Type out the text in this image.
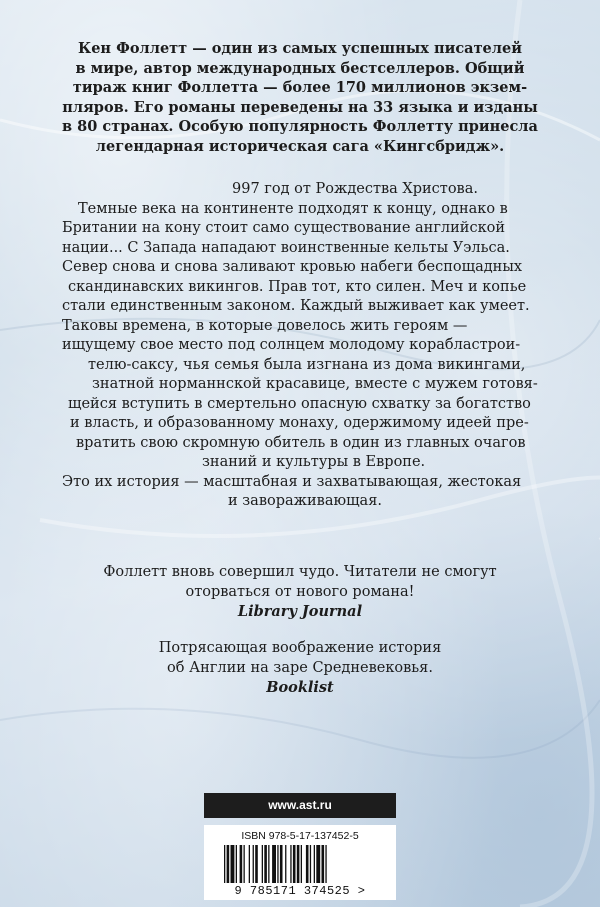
Кен Фоллетт — один из самых успешных писателей
в мире, автор международных бестселлеров. Общий
тираж книг Фоллетта — более 170 миллионов экзем-
пляров. Его романы переведены на 33 языка и изданы
в 80 странах. Особую популярность Фоллетту принесла
легендарная историческая сага «Кингсбридж».
997 год от Рождества Христова.
Темные века на континенте подходят к концу, однако в
Британии на кону стоит само существование английской
нации... С Запада нападают воинственные кельты Уэльса.
Север снова и снова заливают кровью набеги беспощадных
скандинавских викингов. Прав тот, кто силен. Меч и копье
стали единственным законом. Каждый выживает как умеет.
Таковы времена, в которые довелось жить героям —
ищущему свое место под солнцем молодому корабластрои-
телю-саксу, чья семья была изгнана из дома викингами,
знатной норманнской красавице, вместе с мужем готовя-
щейся вступить в смертельно опасную схватку за богатство
и власть, и образованному монаху, одержимому идеей пре-
вратить свою скромную обитель в один из главных очагов
знаний и культуры в Европе.
Это их история — масштабная и захватывающая, жестокая
и завораживающая.
Фоллетт вновь совершил чудо. Читатели не смогут
оторваться от нового романа!
Library Journal
Потрясающая воображение история
об Англии на заре Средневековья.
Booklist
www.ast.ru
ISBN 978-5-17-137452-5
9 785171 374525 >
